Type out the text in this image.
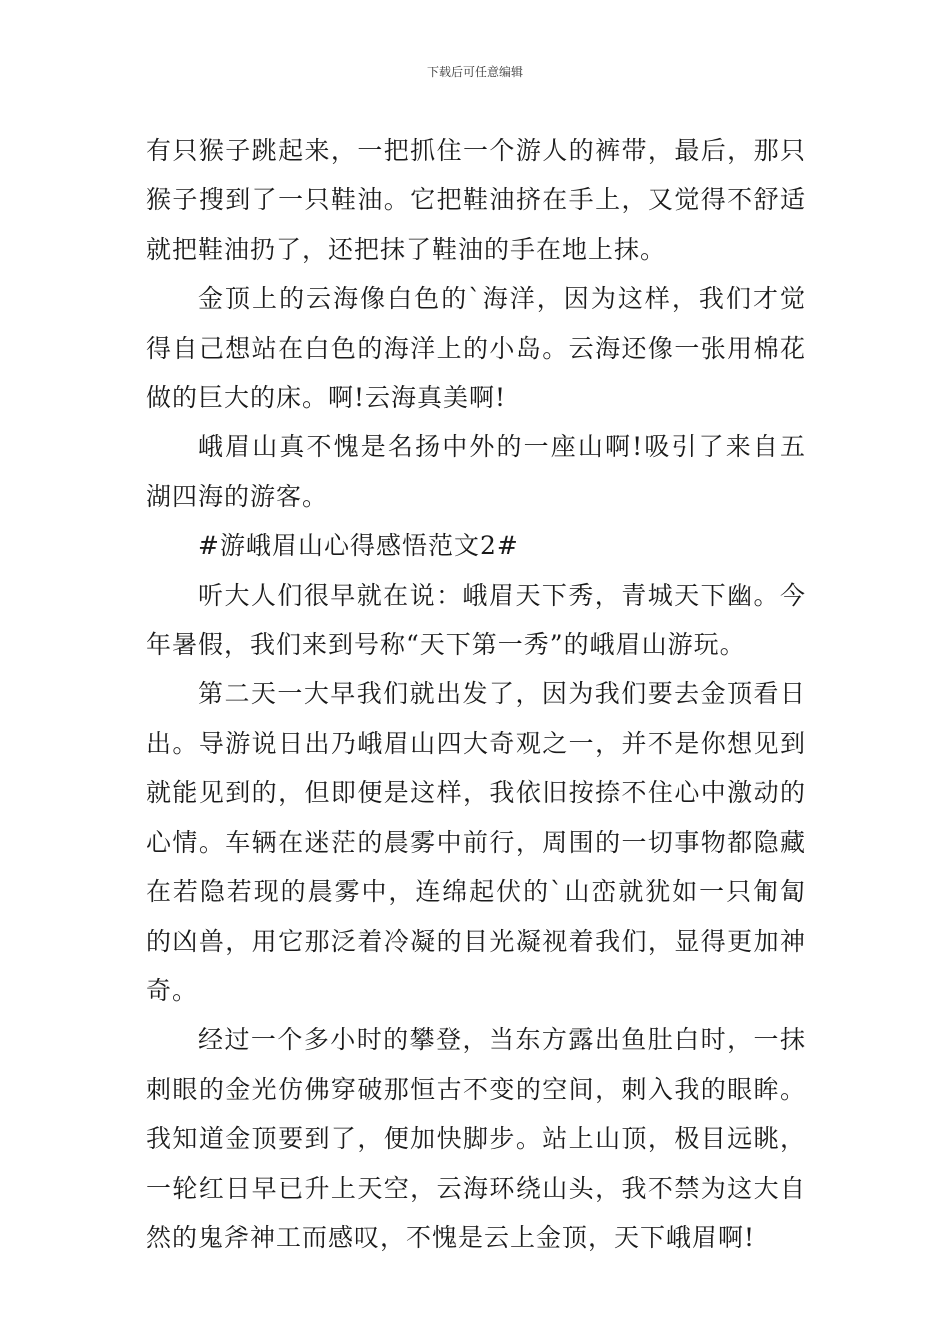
下载后可任意编辑

有只猴子跳起来，一把抓住一个游人的裤带，最后，那只猴子搜到了一只鞋油。它把鞋油挤在手上，又觉得不舒适就把鞋油扔了，还把抹了鞋油的手在地上抹。

金顶上的云海像白色的`海洋，因为这样，我们才觉得自己想站在白色的海洋上的小岛。云海还像一张用棉花做的巨大的床。啊!云海真美啊!

峨眉山真不愧是名扬中外的一座山啊!吸引了来自五湖四海的游客。

#游峨眉山心得感悟范文2#

听大人们很早就在说：峨眉天下秀，青城天下幽。今年暑假，我们来到号称“天下第一秀”的峨眉山游玩。

第二天一大早我们就出发了，因为我们要去金顶看日出。导游说日出乃峨眉山四大奇观之一，并不是你想见到就能见到的，但即便是这样，我依旧按捺不住心中激动的心情。车辆在迷茫的晨雾中前行，周围的一切事物都隐藏在若隐若现的晨雾中，连绵起伏的`山峦就犹如一只匍匐的凶兽，用它那泛着冷凝的目光凝视着我们，显得更加神奇。

经过一个多小时的攀登，当东方露出鱼肚白时，一抹刺眼的金光仿佛穿破那恒古不变的空间，刺入我的眼眸。我知道金顶要到了，便加快脚步。站上山顶，极目远眺，一轮红日早已升上天空，云海环绕山头，我不禁为这大自然的鬼斧神工而感叹，不愧是云上金顶，天下峨眉啊!
